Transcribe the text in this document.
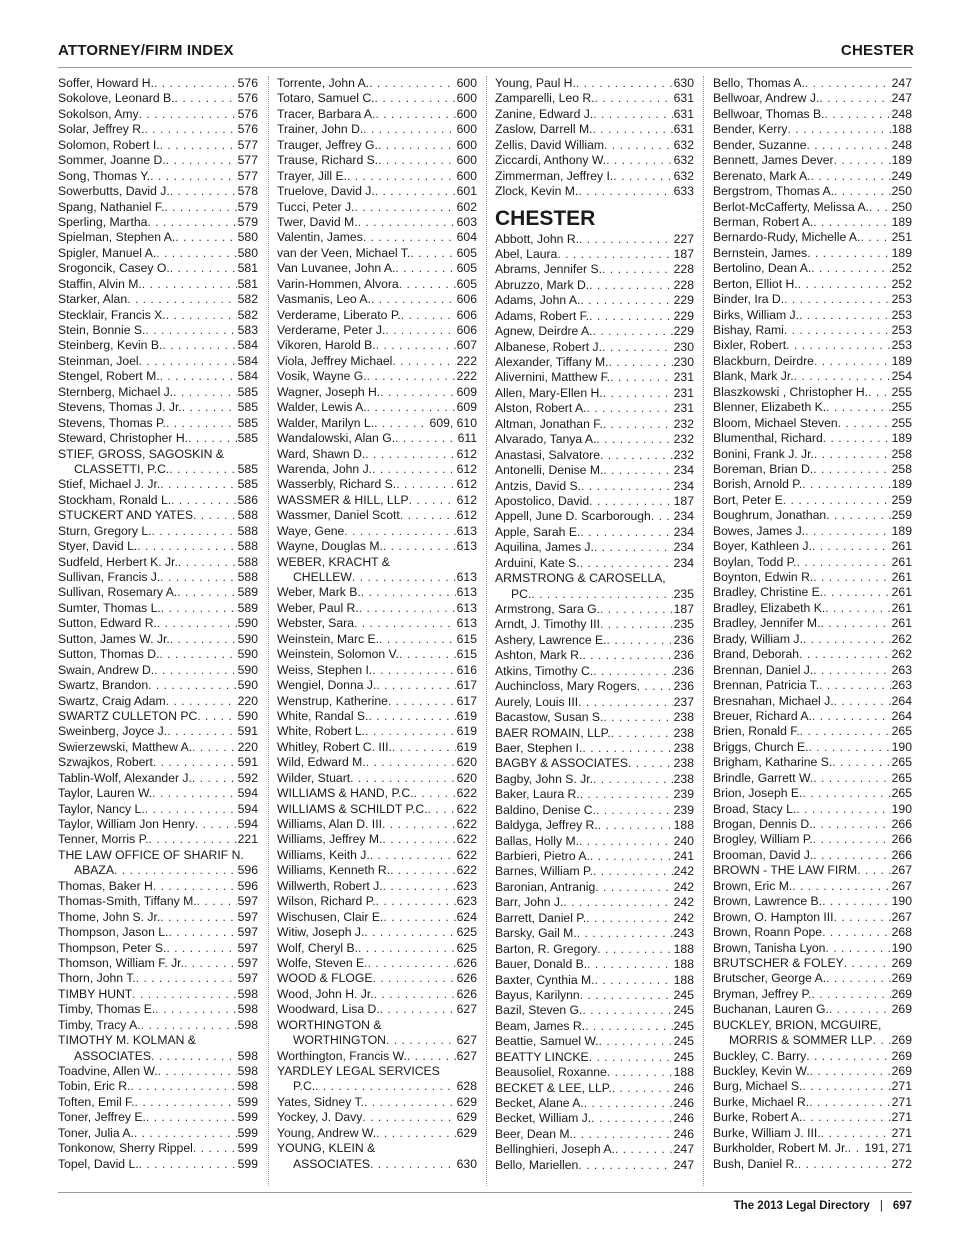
ATTORNEY/FIRM INDEX	CHESTER
Soffer, Howard H. . . .	576
Sokolove, Leonard B. . . .	576
Sokolson, Amy . . .	576
Solar, Jeffrey R. . . .	576
Solomon, Robert I. . . .	577
Sommer, Joanne D. . . .	577
Song, Thomas Y. . . .	577
Sowerbutts, David J. . . .	578
Spang, Nathaniel F. . . .	579
Sperling, Martha . . .	579
Spielman, Stephen A. . . .	580
Spigler, Manuel A. . . .	580
Srogoncik, Casey O. . . .	581
Staffin, Alvin M. . . .	581
Starker, Alan . . .	582
Stecklair, Francis X. . . .	582
Stein, Bonnie S. . . .	583
Steinberg, Kevin B. . . .	584
Steinman, Joel . . .	584
Stengel, Robert M. . . .	584
Sternberg, Michael J. . . .	585
Stevens, Thomas J. Jr. . . .	585
Stevens, Thomas P. . . .	585
Steward, Christopher H. . . .	585
STIEF, GROSS, SAGOSKIN &
CLASSETTI, P.C. . . .	585
Stief, Michael J. Jr. . . .	585
Stockham, Ronald L. . . .	586
STUCKERT AND YATES . . .	588
Sturn, Gregory L. . . .	588
Styer, David L. . . .	588
Sudfeld, Herbert K. Jr. . . .	588
Sullivan, Francis J. . . .	588
Sullivan, Rosemary A. . . .	589
Sumter, Thomas L. . . .	589
Sutton, Edward R. . . .	590
Sutton, James W. Jr. . . .	590
Sutton, Thomas D. . . .	590
Swain, Andrew D. . . .	590
Swartz, Brandon . . .	590
Swartz, Craig Adam . . .	220
SWARTZ CULLETON PC . . .	590
Sweinberg, Joyce J. . . .	591
Swierzewski, Matthew A. . . .	220
Szwajkos, Robert . . .	591
Tablin-Wolf, Alexander J. . . .	592
Taylor, Lauren W. . . .	594
Taylor, Nancy L. . . .	594
Taylor, William Jon Henry . . .	594
Tenner, Morris P. . . .	221
THE LAW OFFICE OF SHARIF N.
ABAZA . . .	596
Thomas, Baker H . . .	596
Thomas-Smith, Tiffany M. . . .	597
Thome, John S. Jr. . . .	597
Thompson, Jason L. . . .	597
Thompson, Peter S. . . .	597
Thomson, William F. Jr. . . .	597
Thorn, John T. . . .	597
TIMBY HUNT . . .	598
Timby, Thomas E. . . .	598
Timby, Tracy A. . . .	598
TIMOTHY M. KOLMAN &
ASSOCIATES . . .	598
Toadvine, Allen W. . . .	598
Tobin, Eric R. . . .	598
Toften, Emil F. . . .	599
Toner, Jeffrey E. . . .	599
Toner, Julia A. . . .	599
Tonkonow, Sherry Rippel . . .	599
Topel, David L. . . .	599
Torrente, John A. . . .	600
Totaro, Samuel C. . . .	600
Tracer, Barbara A. . . .	600
Trainer, John D. . . .	600
Trauger, Jeffrey G. . . .	600
Trause, Richard S. . . .	600
Trayer, Jill E. . . .	600
Truelove, David J. . . .	601
Tucci, Peter J. . . .	602
Twer, David M. . . .	603
Valentin, James . . .	604
van der Veen, Michael T. . . .	605
Van Luvanee, John A. . . .	605
Varin-Hommen, Alvora . . .	605
Vasmanis, Leo A. . . .	606
Verderame, Liberato P. . . .	606
Verderame, Peter J. . . .	606
Vikoren, Harold B. . . .	607
Viola, Jeffrey Michael . . .	222
Vosik, Wayne G. . . .	222
Wagner, Joseph H. . . .	609
Walder, Lewis A. . . .	609
Walder, Marilyn L. . . .	609, 610
Wandalowski, Alan G. . . .	611
Ward, Shawn D. . . .	612
Warenda, John J. . . .	612
Wasserbly, Richard S. . . .	612
WASSMER & HILL, LLP . . .	612
Wassmer, Daniel Scott . . .	612
Waye, Gene . . .	613
Wayne, Douglas M. . . .	613
WEBER, KRACHT &
CHELLEW . . .	613
Weber, Mark B. . . .	613
Weber, Paul R. . . .	613
Webster, Sara . . .	613
Weinstein, Marc E. . . .	615
Weinstein, Solomon V. . . .	615
Weiss, Stephen I. . . .	616
Wengiel, Donna J. . . .	617
Wenstrup, Katherine . . .	617
White, Randal S. . . .	619
White, Robert L. . . .	619
Whitley, Robert C. III. . . .	619
Wild, Edward M. . . .	620
Wilder, Stuart . . .	620
WILLIAMS & HAND, P.C. . . .	622
WILLIAMS & SCHILDT P.C. . . . 622
Williams, Alan D. III . . .	622
Williams, Jeffrey M. . . .	622
Williams, Keith J. . . .	622
Williams, Kenneth R. . . .	622
Willwerth, Robert J. . . .	623
Wilson, Richard P. . . .	623
Wischusen, Clair E. . . .	624
Witiw, Joseph J. . . .	625
Wolf, Cheryl B. . . .	625
Wolfe, Steven E. . . .	626
WOOD & FLOGE . . .	626
Wood, John H. Jr. . . .	626
Woodward, Lisa D. . . .	627
WORTHINGTON &
WORTHINGTON . . .	627
Worthington, Francis W. . . .	627
YARDLEY LEGAL SERVICES
P.C. . . .	628
Yates, Sidney T. . . .	629
Yockey, J. Davy . . .	629
Young, Andrew W. . . .	629
YOUNG, KLEIN &
ASSOCIATES . . .	630
Young, Paul H. . . .	630
Zamparelli, Leo R. . . .	631
Zanine, Edward J. . . .	631
Zaslow, Darrell M. . . .	631
Zellis, David William . . .	632
Ziccardi, Anthony W. . . .	632
Zimmerman, Jeffrey I. . . .	632
Zlock, Kevin M. . . .	633
CHESTER
Abbott, John R. . . .	227
Abel, Laura . . .	187
Abrams, Jennifer S. . . .	228
Abruzzo, Mark D. . . .	228
Adams, John A. . . .	229
Adams, Robert F. . . .	229
Agnew, Deirdre A. . . .	229
Albanese, Robert J. . . .	230
Alexander, Tiffany M. . . .	230
Alivernini, Matthew F. . . .	231
Allen, Mary-Ellen H. . . .	231
Alston, Robert A. . . .	231
Altman, Jonathan F. . . .	232
Alvarado, Tanya A. . . .	232
Anastasi, Salvatore . . .	232
Antonelli, Denise M. . . .	234
Antzis, David S. . . .	234
Apostolico, David . . .	187
Appell, June D. Scarborough . . . 234
Apple, Sarah E. . . .	234
Aquilina, James J. . . .	234
Arduini, Kate S. . . .	234
ARMSTRONG & CAROSELLA,
PC. . . .	235
Armstrong, Sara G. . . .	187
Arndt, J. Timothy III . . .	235
Ashery, Lawrence E. . . .	236
Ashton, Mark R. . . .	236
Atkins, Timothy C. . . .	236
Auchincloss, Mary Rogers . . .	236
Aurely, Louis III . . .	237
Bacastow, Susan S. . . .	238
BAER ROMAIN, LLP. . . .	238
Baer, Stephen I. . . .	238
BAGBY & ASSOCIATES . . .	238
Bagby, John S. Jr. . . .	238
Baker, Laura R. . . .	239
Baldino, Denise C. . . .	239
Baldyga, Jeffrey R. . . .	188
Ballas, Holly M. . . .	240
Barbieri, Pietro A. . . .	241
Barnes, William P. . . .	242
Baronian, Antranig . . .	242
Barr, John J. . . .	242
Barrett, Daniel P. . . .	242
Barsky, Gail M. . . .	243
Barton, R. Gregory . . .	188
Bauer, Donald B. . . .	188
Baxter, Cynthia M. . . .	188
Bayus, Karilynn . . .	245
Bazil, Steven G. . . .	245
Beam, James R. . . .	245
Beattie, Samuel W. . . .	245
BEATTY LINCKE . . .	245
Beausoliel, Roxanne . . .	188
BECKET & LEE, LLP. . . .	246
Becket, Alane A. . . .	246
Becket, William J. . . .	246
Beer, Dean M. . . .	246
Bellinghieri, Joseph A. . . .	247
Bello, Mariellen . . .	247
Bello, Thomas A. . . .	247
Bellwoar, Andrew J. . . .	247
Bellwoar, Thomas B. . . .	248
Bender, Kerry . . .	188
Bender, Suzanne . . .	248
Bennett, James Dever . . .	189
Berenato, Mark A. . . .	249
Bergstrom, Thomas A. . . .	250
Berlot-McCafferty, Melissa A. . . . 250
Berman, Robert A. . . .	189
Bernardo-Rudy, Michelle A. . . .	251
Bernstein, James . . .	189
Bertolino, Dean A. . . .	252
Berton, Elliot H. . . .	252
Binder, Ira D. . . .	253
Birks, William J. . . .	253
Bishay, Rami . . .	253
Bixler, Robert . . .	253
Blackburn, Deirdre . . .	189
Blank, Mark Jr. . . .	254
Blaszkowski , Christopher H. . . . 255
Blenner, Elizabeth K. . . .	255
Bloom, Michael Steven . . .	255
Blumenthal, Richard . . .	189
Bonini, Frank J. Jr. . . .	258
Boreman, Brian D. . . .	258
Borish, Arnold P. . . .	189
Bort, Peter E . . .	259
Boughrum, Jonathan . . .	259
Bowes, James J. . . .	189
Boyer, Kathleen J. . . .	261
Boylan, Todd P. . . .	261
Boynton, Edwin R. . . .	261
Bradley, Christine E. . . .	261
Bradley, Elizabeth K. . . .	261
Bradley, Jennifer M. . . .	261
Brady, William J. . . .	262
Brand, Deborah . . .	262
Brennan, Daniel J. . . .	263
Brennan, Patricia T. . . .	263
Bresnahan, Michael J. . . .	264
Breuer, Richard A. . . .	264
Brien, Ronald F. . . .	265
Briggs, Church E. . . .	190
Brigham, Katharine S. . . .	265
Brindle, Garrett W. . . .	265
Brion, Joseph E. . . .	265
Broad, Stacy L. . . .	190
Brogan, Dennis D. . . .	266
Brogley, William P. . . .	266
Brooman, David J. . . .	266
BROWN - THE LAW FIRM . . .	267
Brown, Eric M. . . .	267
Brown, Lawrence B. . . .	190
Brown, O. Hampton III . . .	267
Brown, Roann Pope . . .	268
Brown, Tanisha Lyon . . .	190
BRUTSCHER & FOLEY . . .	269
Brutscher, George A. . . .	269
Bryman, Jeffrey P. . . .	269
Buchanan, Lauren G. . . .	269
BUCKLEY, BRION, MCGUIRE,
MORRIS & SOMMER LLP . . . 269
Buckley, C. Barry . . .	269
Buckley, Kevin W. . . .	269
Burg, Michael S. . . .	271
Burke, Michael R. . . .	271
Burke, Robert A. . . .	271
Burke, William J. III. . . .	271
Burkholder, Robert M. Jr. . . . 191, 271
Bush, Daniel R. . . .	272
The 2013 Legal Directory | 697
